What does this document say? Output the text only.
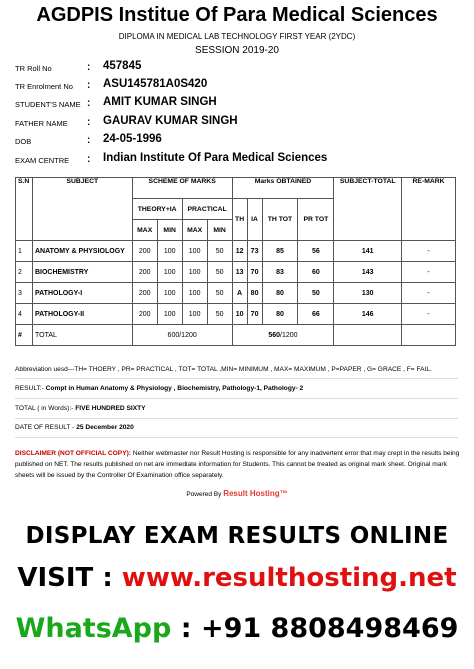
AGDPIS Institue Of Para Medical Sciences
DIPLOMA IN MEDICAL LAB TECHNOLOGY FIRST YEAR (2YDC)
SESSION 2019-20
TR Roll No	: 457845
TR Enrolment No : ASU145781A0S420
STUDENT'S NAME : AMIT KUMAR SINGH
FATHER NAME : GAURAV KUMAR SINGH
DOB	: 24-05-1996
EXAM CENTRE : Indian Institute Of Para Medical Sciences
S.N	SUBJECT	SCHEME OF MARKS				Marks OBTAINED				SUBJECT-TOTAL	RE-MARK
		THEORY+IA		PRACTICAL		TH	IA	TH TOT	PR TOT		
		MAX	MIN	MAX	MIN						
1	ANATOMY & PHYSIOLOGY	200	100	100	50	12	73	85	56	141	-
2	BIOCHEMISTRY	200	100	100	50	13	70	83	60	143	-
3	PATHOLOGY-I	200	100	100	50	A	80	80	50	130	-
4	PATHOLOGY-II	200	100	100	50	10	70	80	66	146	-
#	TOTAL	600/1200				560/1200					
Abbreviation uesd---TH= THOERY , PR= PRACTICAL , TOT= TOTAL ,MIN= MINIMUM , MAX= MAXIMUM , P=PAPER , G= GRACE , F= FAIL.
RESULT:- Compt in Human Anatomy & Physiology , Biochemistry, Pathology-1, Pathology- 2
TOTAL ( in Words):- FIVE HUNDRED SIXTY
DATE OF RESULT - 25 December 2020
DISCLAIMER (NOT OFFICIAL COPY): Neither webmaster nor Result Hosting is responsible for any inadvertent error that may crept in the results being published on NET. The results published on net are immediate information for Students. This cannot be treated as original mark sheet. Original mark sheets will be issued by the Controller Of Examination office separately.
Powered By Result Hosting™
DISPLAY EXAM RESULTS ONLINE
VISIT : www.resulthosting.net
WhatsApp : +91 8808498469
